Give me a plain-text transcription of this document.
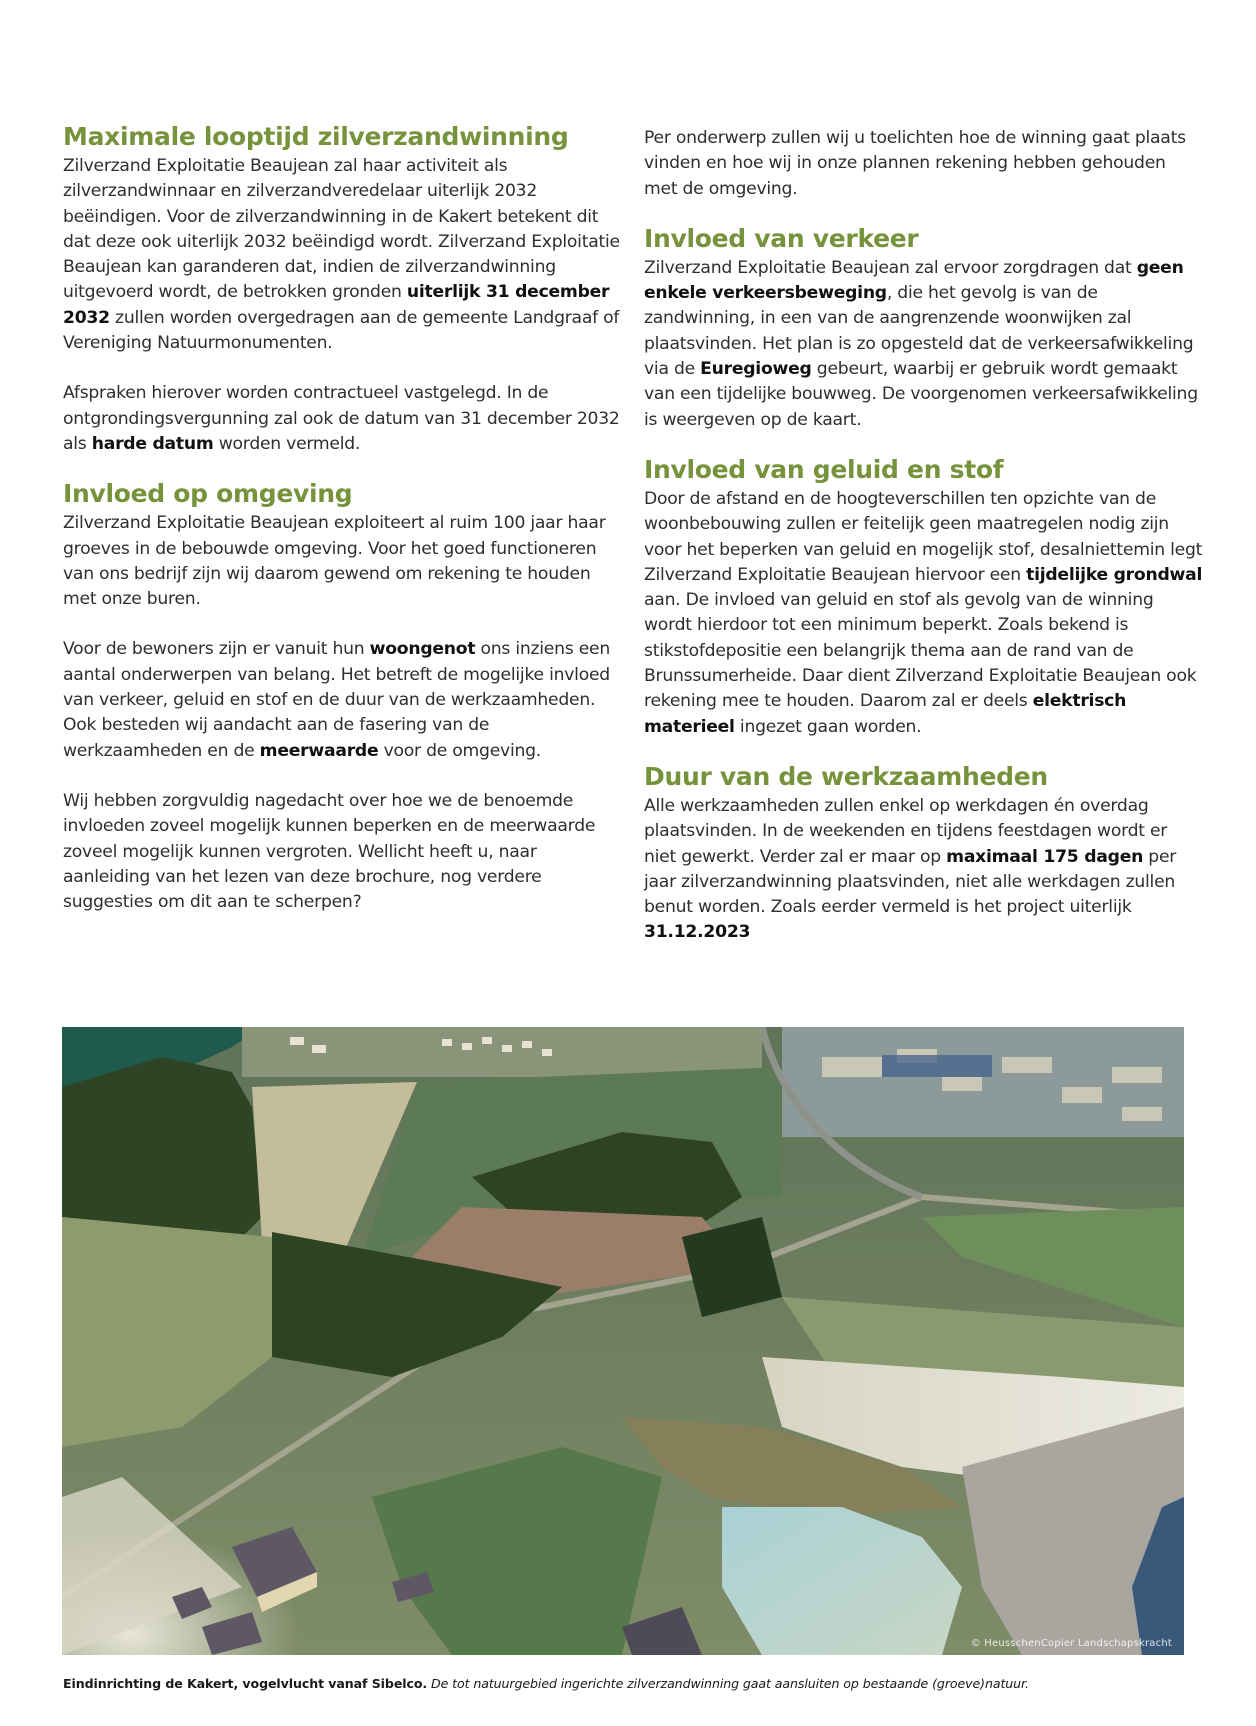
Maximale looptijd zilverzandwinning

Zilverzand Exploitatie Beaujean zal haar activiteit als zilverzandwinnaar en zilverzandveredelaar uiterlijk 2032 beëindigen. Voor de zilverzandwinning in de Kakert betekent dit dat deze ook uiterlijk 2032 beëindigd wordt. Zilverzand Exploitatie Beaujean kan garanderen dat, indien de zilverzandwinning uitgevoerd wordt, de betrokken gronden uiterlijk 31 december 2032 zullen worden overgedragen aan de gemeente Landgraaf of Vereniging Natuurmonumenten.

Afspraken hierover worden contractueel vastgelegd. In de ontgrondingsvergunning zal ook de datum van 31 december 2032 als harde datum worden vermeld.

Invloed op omgeving

Zilverzand Exploitatie Beaujean exploiteert al ruim 100 jaar haar groeves in de bebouwde omgeving. Voor het goed functioneren van ons bedrijf zijn wij daarom gewend om rekening te houden met onze buren.

Voor de bewoners zijn er vanuit hun woongenot ons inziens een aantal onderwerpen van belang. Het betreft de mogelijke invloed van verkeer, geluid en stof en de duur van de werkzaamheden. Ook besteden wij aandacht aan de fasering van de werkzaamheden en de meerwaarde voor de omgeving.

Wij hebben zorgvuldig nagedacht over hoe we de benoemde invloeden zoveel mogelijk kunnen beperken en de meerwaarde zoveel mogelijk kunnen vergroten. Wellicht heeft u, naar aanleiding van het lezen van deze brochure, nog verdere suggesties om dit aan te scherpen?

Per onderwerp zullen wij u toelichten hoe de winning gaat plaats vinden en hoe wij in onze plannen rekening hebben gehouden met de omgeving.

Invloed van verkeer

Zilverzand Exploitatie Beaujean zal ervoor zorgdragen dat geen enkele verkeersbeweging, die het gevolg is van de zandwinning, in een van de aangrenzende woonwijken zal plaatsvinden. Het plan is zo opgesteld dat de verkeersafwikkeling via de Euregioweg gebeurt, waarbij er gebruik wordt gemaakt van een tijdelijke bouwweg. De voorgenomen verkeersafwikkeling is weergeven op de kaart.

Invloed van geluid en stof

Door de afstand en de hoogteverschillen ten opzichte van de woonbebouwing zullen er feitelijk geen maatregelen nodig zijn voor het beperken van geluid en mogelijk stof, desalniettemin legt Zilverzand Exploitatie Beaujean hiervoor een tijdelijke grondwal aan. De invloed van geluid en stof als gevolg van de winning wordt hierdoor tot een minimum beperkt. Zoals bekend is stikstofdepositie een belangrijk thema aan de rand van de Brunssumerheide. Daar dient Zilverzand Exploitatie Beaujean ook rekening mee te houden. Daarom zal er deels elektrisch materieel ingezet gaan worden.

Duur van de werkzaamheden

Alle werkzaamheden zullen enkel op werkdagen én overdag plaatsvinden. In de weekenden en tijdens feestdagen wordt er niet gewerkt. Verder zal er maar op maximaal 175 dagen per jaar zilverzandwinning plaatsvinden, niet alle werkdagen zullen benut worden. Zoals eerder vermeld is het project uiterlijk 31.12.2023

© HeusschenCopier Landschapskracht
Eindinrichting de Kakert, vogelvlucht vanaf Sibelco. De tot natuurgebied ingerichte zilverzandwinning gaat aansluiten op bestaande (groeve)natuur.
